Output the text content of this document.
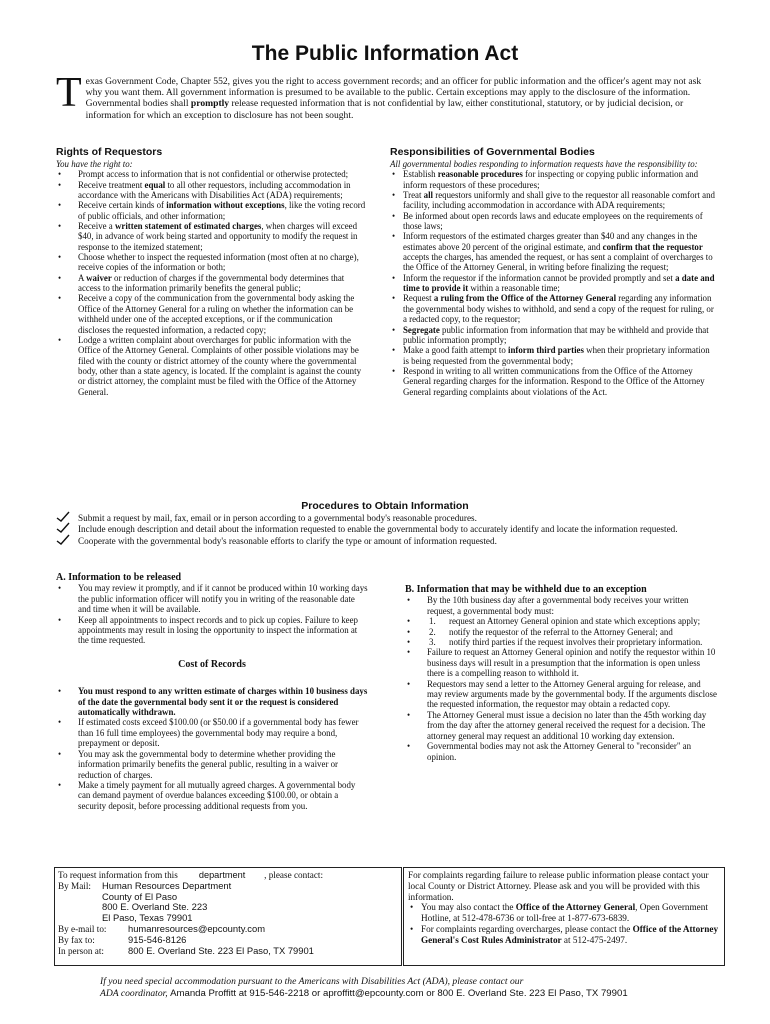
The Public Information Act
Texas Government Code, Chapter 552, gives you the right to access government records; and an officer for public information and the officer's agent may not ask why you want them. All government information is presumed to be available to the public. Certain exceptions may apply to the disclosure of the information. Governmental bodies shall promptly release requested information that is not confidential by law, either constitutional, statutory, or by judicial decision, or information for which an exception to disclosure has not been sought.
Rights of Requestors
You have the right to:
• Prompt access to information that is not confidential or otherwise protected;
• Receive treatment equal to all other requestors, including accommodation in accordance with the Americans with Disabilities Act (ADA) requirements;
• Receive certain kinds of information without exceptions, like the voting record of public officials, and other information;
• Receive a written statement of estimated charges, when charges will exceed $40, in advance of work being started and opportunity to modify the request in response to the itemized statement;
• Choose whether to inspect the requested information (most often at no charge), receive copies of the information or both;
• A waiver or reduction of charges if the governmental body determines that access to the information primarily benefits the general public;
• Receive a copy of the communication from the governmental body asking the Office of the Attorney General for a ruling on whether the information can be withheld under one of the accepted exceptions, or if the communication discloses the requested information, a redacted copy;
• Lodge a written complaint about overcharges for public information with the Office of the Attorney General. Complaints of other possible violations may be filed with the county or district attorney of the county where the governmental body, other than a state agency, is located. If the complaint is against the county or district attorney, the complaint must be filed with the Office of the Attorney General.
Responsibilities of Governmental Bodies
All governmental bodies responding to information requests have the responsibility to:
• Establish reasonable procedures for inspecting or copying public information and inform requestors of these procedures;
• Treat all requestors uniformly and shall give to the requestor all reasonable comfort and facility, including accommodation in accordance with ADA requirements;
• Be informed about open records laws and educate employees on the requirements of those laws;
• Inform requestors of the estimated charges greater than $40 and any changes in the estimates above 20 percent of the original estimate, and confirm that the requestor accepts the charges, has amended the request, or has sent a complaint of overcharges to the Office of the Attorney General, in writing before finalizing the request;
• Inform the requestor if the information cannot be provided promptly and set a date and time to provide it within a reasonable time;
• Request a ruling from the Office of the Attorney General regarding any information the governmental body wishes to withhold, and send a copy of the request for ruling, or a redacted copy, to the requestor;
• Segregate public information from information that may be withheld and provide that public information promptly;
• Make a good faith attempt to inform third parties when their proprietary information is being requested from the governmental body;
• Respond in writing to all written communications from the Office of the Attorney General regarding charges for the information. Respond to the Office of the Attorney General regarding complaints about violations of the Act.
Procedures to Obtain Information
Submit a request by mail, fax, email or in person according to a governmental body's reasonable procedures.
Include enough description and detail about the information requested to enable the governmental body to accurately identify and locate the information requested.
Cooperate with the governmental body's reasonable efforts to clarify the type or amount of information requested.
A. Information to be released
• You may review it promptly, and if it cannot be produced within 10 working days the public information officer will notify you in writing of the reasonable date and time when it will be available.
• Keep all appointments to inspect records and to pick up copies. Failure to keep appointments may result in losing the opportunity to inspect the information at the time requested.
Cost of Records
• You must respond to any written estimate of charges within 10 business days of the date the governmental body sent it or the request is considered automatically withdrawn.
• If estimated costs exceed $100.00 (or $50.00 if a governmental body has fewer than 16 full time employees) the governmental body may require a bond, prepayment or deposit.
• You may ask the governmental body to determine whether providing the information primarily benefits the general public, resulting in a waiver or reduction of charges.
• Make a timely payment for all mutually agreed charges. A governmental body can demand payment of overdue balances exceeding $100.00, or obtain a security deposit, before processing additional requests from you.
B. Information that may be withheld due to an exception
• By the 10th business day after a governmental body receives your written request, a governmental body must:
• 1. request an Attorney General opinion and state which exceptions apply;
• 2. notify the requestor of the referral to the Attorney General; and
• 3. notify third parties if the request involves their proprietary information.
• Failure to request an Attorney General opinion and notify the requestor within 10 business days will result in a presumption that the information is open unless there is a compelling reason to withhold it.
• Requestors may send a letter to the Attorney General arguing for release, and may review arguments made by the governmental body. If the arguments disclose the requested information, the requestor may obtain a redacted copy.
• The Attorney General must issue a decision no later than the 45th working day from the day after the attorney general received the request for a decision. The attorney general may request an additional 10 working day extension.
• Governmental bodies may not ask the Attorney General to "reconsider" an opinion.
To request information from this department , please contact:
By Mail: Human Resources Department
County of El Paso
800 E. Overland Ste. 223
El Paso, Texas 79901
By e-mail to: humanresources@epcounty.com
By fax to:	915-546-8126
In person at:	800 E. Overland Ste. 223 El Paso, TX 79901
For complaints regarding failure to release public information please contact your local County or District Attorney. Please ask and you will be provided with this information.
• You may also contact the Office of the Attorney General, Open Government Hotline, at 512-478-6736 or toll-free at 1-877-673-6839.
• For complaints regarding overcharges, please contact the Office of the Attorney General's Cost Rules Administrator at 512-475-2497.
If you need special accommodation pursuant to the Americans with Disabilities Act (ADA), please contact our
ADA coordinator, Amanda Proffitt at 915-546-2218 or aproffitt@epcounty.com or 800 E. Overland Ste. 223 El Paso, TX 79901
